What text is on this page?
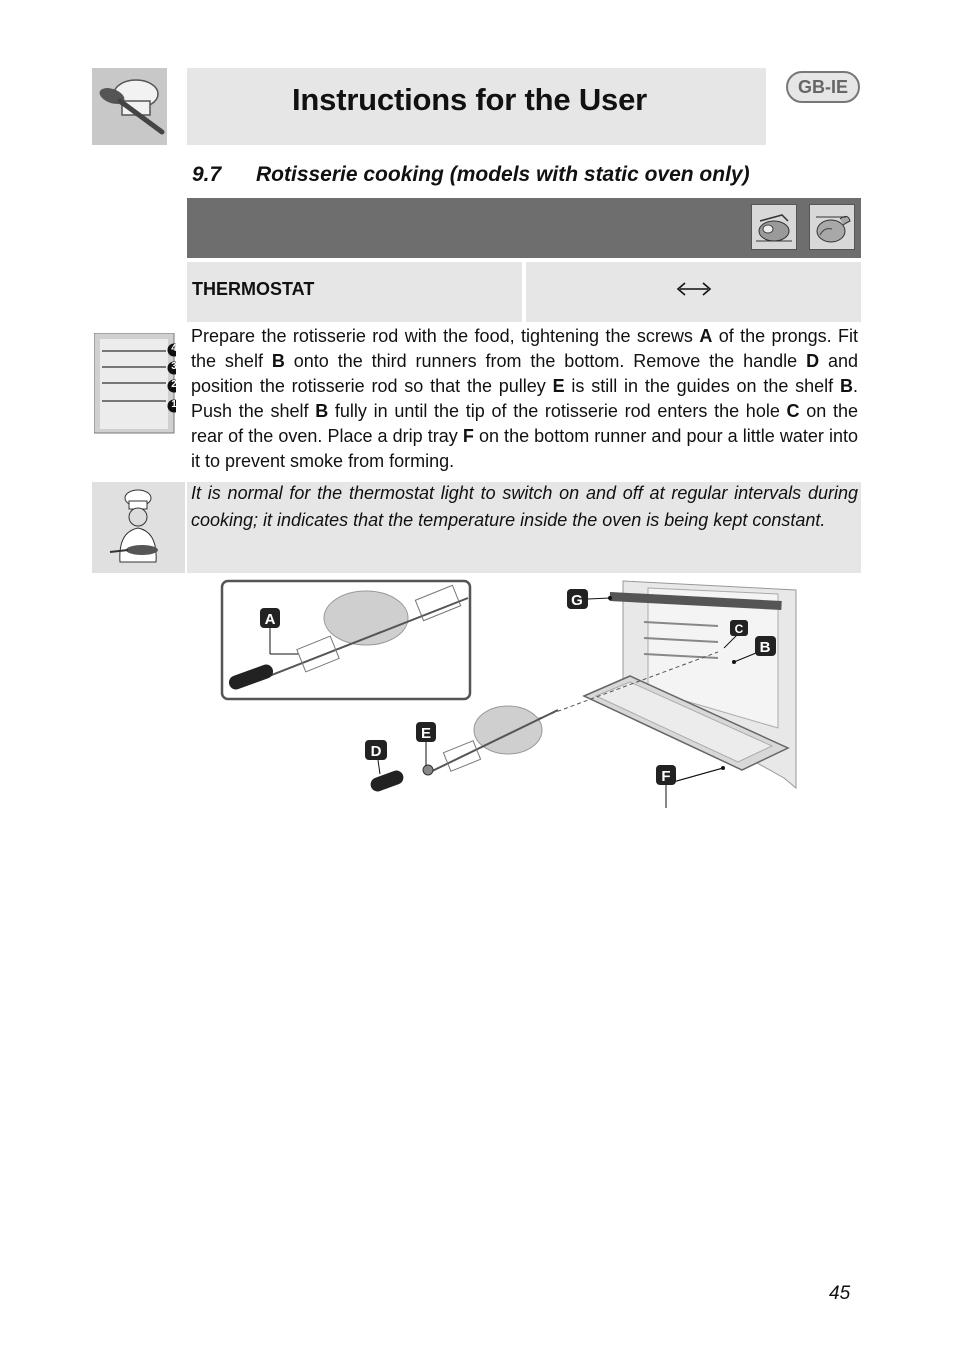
Instructions for the User	GB-IE
9.7 Rotisserie cooking (models with static oven only)
THERMOSTAT
4
3
2
1
Prepare the rotisserie rod with the food, tightening the screws A of the prongs. Fit the shelf B onto the third runners from the bottom. Remove the handle D and position the rotisserie rod so that the pulley E is still in the guides on the shelf B. Push the shelf B fully in until the tip of the rotisserie rod enters the hole C on the rear of the oven. Place a drip tray F on the bottom runner and pour a little water into it to prevent smoke from forming.
It is normal for the thermostat light to switch on and off at regular intervals during cooking; it indicates that the temperature inside the oven is being kept constant.
A
E
D
G
C
B
F
45
